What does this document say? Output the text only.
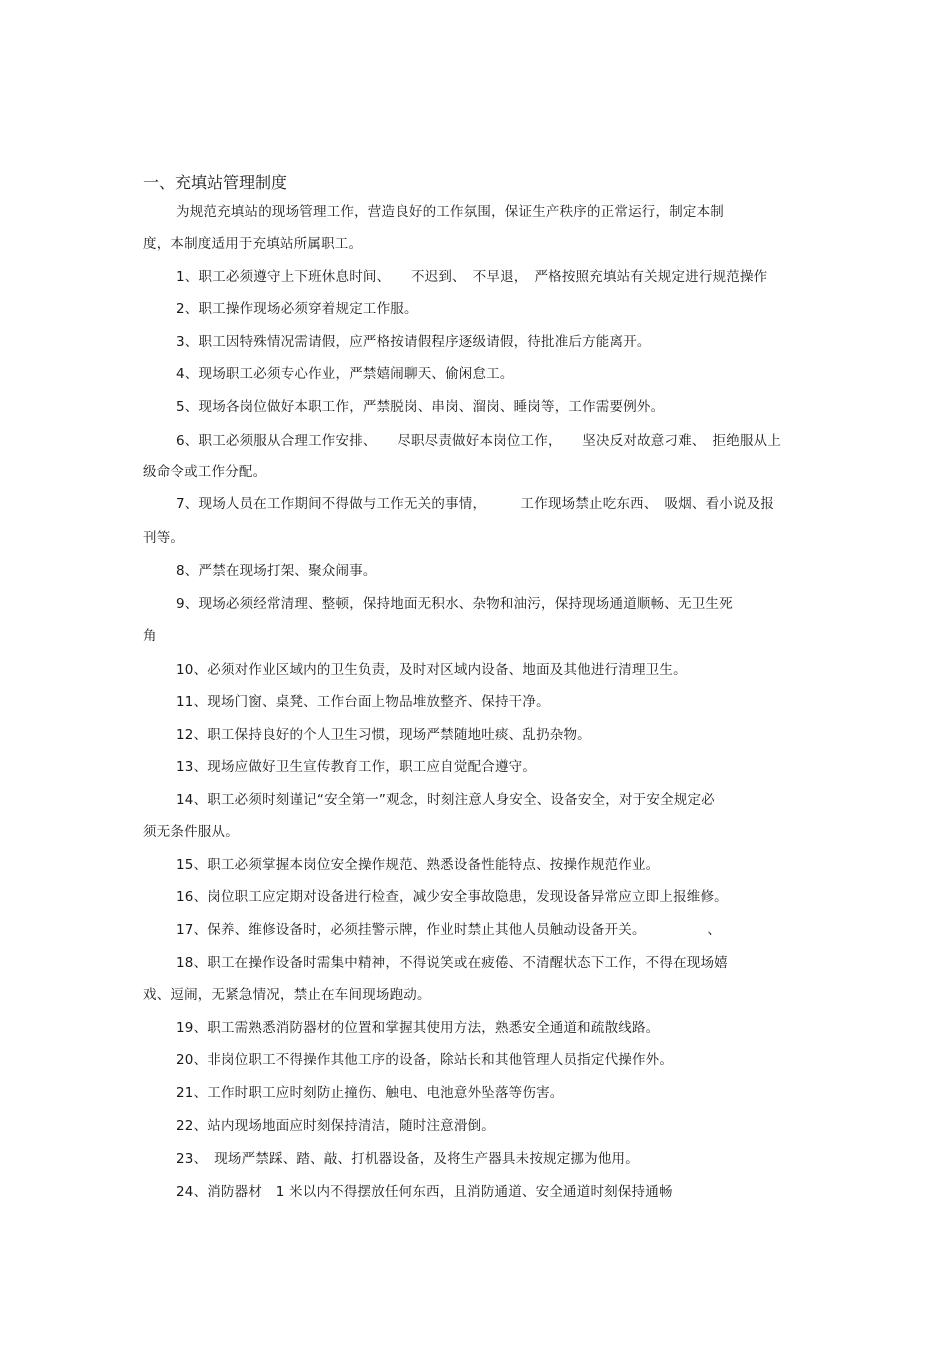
一、充填站管理制度
为规范充填站的现场管理工作，营造良好的工作氛围，保证生产秩序的正常运行，制定本制
度，本制度适用于充填站所属职工。
1、职工必须遵守上下班休息时间、　　不迟到、　不早退，　严格按照充填站有关规定进行规范操作
2、职工操作现场必须穿着规定工作服。
3、职工因特殊情况需请假，应严格按请假程序逐级请假，待批准后方能离开。
4、现场职工必须专心作业，严禁嬉闹聊天、偷闲怠工。
5、现场各岗位做好本职工作，严禁脱岗、串岗、溜岗、睡岗等，工作需要例外。
6、职工必须服从合理工作安排、　　尽职尽责做好本岗位工作，　　坚决反对故意刁难、　拒绝服从上
级命令或工作分配。
7、现场人员在工作期间不得做与工作无关的事情，　　　工作现场禁止吃东西、　吸烟、看小说及报
刊等。
8、严禁在现场打架、聚众闹事。
9、现场必须经常清理、整顿，保持地面无积水、杂物和油污，保持现场通道顺畅、无卫生死
角
10、必须对作业区域内的卫生负责，及时对区域内设备、地面及其他进行清理卫生。
11、现场门窗、桌凳、工作台面上物品堆放整齐、保持干净。
12、职工保持良好的个人卫生习惯，现场严禁随地吐痰、乱扔杂物。
13、现场应做好卫生宣传教育工作，职工应自觉配合遵守。
14、职工必须时刻谨记“安全第一”观念，时刻注意人身安全、设备安全，对于安全规定必
须无条件服从。
15、职工必须掌握本岗位安全操作规范、熟悉设备性能特点、按操作规范作业。
16、岗位职工应定期对设备进行检查，减少安全事故隐患，发现设备异常应立即上报维修。
17、保养、维修设备时，必须挂警示牌，作业时禁止其他人员触动设备开关。　　　　　、
18、职工在操作设备时需集中精神，不得说笑或在疲倦、不清醒状态下工作，不得在现场嬉
戏、逗闹，无紧急情况，禁止在车间现场跑动。
19、职工需熟悉消防器材的位置和掌握其使用方法，熟悉安全通道和疏散线路。
20、非岗位职工不得操作其他工序的设备，除站长和其他管理人员指定代操作外。
21、工作时职工应时刻防止撞伤、触电、电池意外坠落等伤害。
22、站内现场地面应时刻保持清洁，随时注意滑倒。
23、　现场严禁踩、踏、敲、打机器设备，及将生产器具未按规定挪为他用。
24、消防器材　1 米以内不得摆放任何东西，且消防通道、安全通道时刻保持通畅
